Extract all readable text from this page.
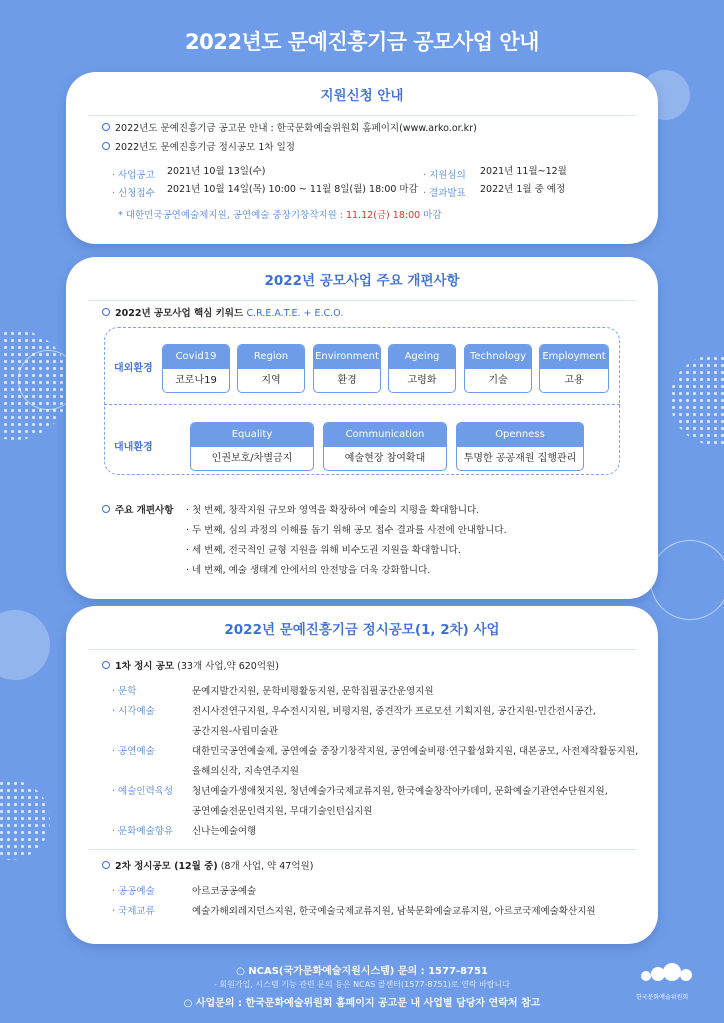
2022년도 문예진흥기금 공모사업 안내
지원신청 안내
2022년도 문예진흥기금 공고문 안내 : 한국문화예술위원회 홈페이지(www.arko.or.kr)
2022년도 문예진흥기금 정시공모 1차 일정
· 사업공고 2021년 10월 13일(수)
· 신청접수 2021년 10월 14일(목) 10:00 ~ 11월 8일(월) 18:00 마감
· 지원심의 2021년 11월~12월
· 결과발표 2022년 1월 중 예정
* 대한민국공연예술제지원, 공연예술 중장기창작지원 : 11.12(금) 18:00 마감
2022년 공모사업 주요 개편사항
2022년 공모사업 핵심 키워드 C.R.E.A.T.E. + E.C.O.
대외환경
대내환경
Covid19
코로나19
Region
지역
Environment
환경
Ageing
고령화
Technology
기술
Employment
고용
Equality
인권보호/차별금지
Communication
예술현장 참여확대
Openness
투명한 공공재원 집행관리
주요 개편사항 · 첫 번째, 창작지원 규모와 영역을 확장하여 예술의 지평을 확대합니다.
· 두 번째, 심의 과정의 이해를 돕기 위해 공모 접수 결과를 사전에 안내합니다.
· 세 번째, 전국적인 균형 지원을 위해 비수도권 지원을 확대합니다.
· 네 번째, 예술 생태계 안에서의 안전망을 더욱 강화합니다.
2022년 문예진흥기금 정시공모(1, 2차) 사업
1차 정시 공모 (33개 사업,약 620억원)
· 문학	문예지발간지원, 문학비평활동지원, 문학집필공간운영지원
· 시각예술	전시사전연구지원, 우수전시지원, 비평지원, 중견작가 프로모션 기획지원, 공간지원-민간전시공간,
공간지원-사립미술관
· 공연예술	대한민국공연예술제, 공연예술 중장기창작지원, 공연예술비평·연구활성화지원, 대본공모, 사전제작활동지원,
올해의신작, 지속연주지원
· 예술인력육성 청년예술가생애첫지원, 청년예술가국제교류지원, 한국예술창작아카데미, 문화예술기관연수단원지원,
공연예술전문인력지원, 무대기술인턴십지원
· 문화예술향유 신나는예술여행
2차 정시공모 (12월 중) (8개 사업, 약 47억원)
· 공공예술	아르코공공예술
· 국제교류	예술가해외레지던스지원, 한국예술국제교류지원, 남북문화예술교류지원, 아르코국제예술확산지원
○ NCAS(국가문화예술지원시스템) 문의 : 1577-8751
- 회원가입, 시스템 기능 관련 문의 등은 NCAS 콜센터(1577-8751)로 연락 바랍니다
○ 사업문의 : 한국문화예술위원회 홈페이지 공고문 내 사업별 담당자 연락처 참고
한국문화예술위원회
